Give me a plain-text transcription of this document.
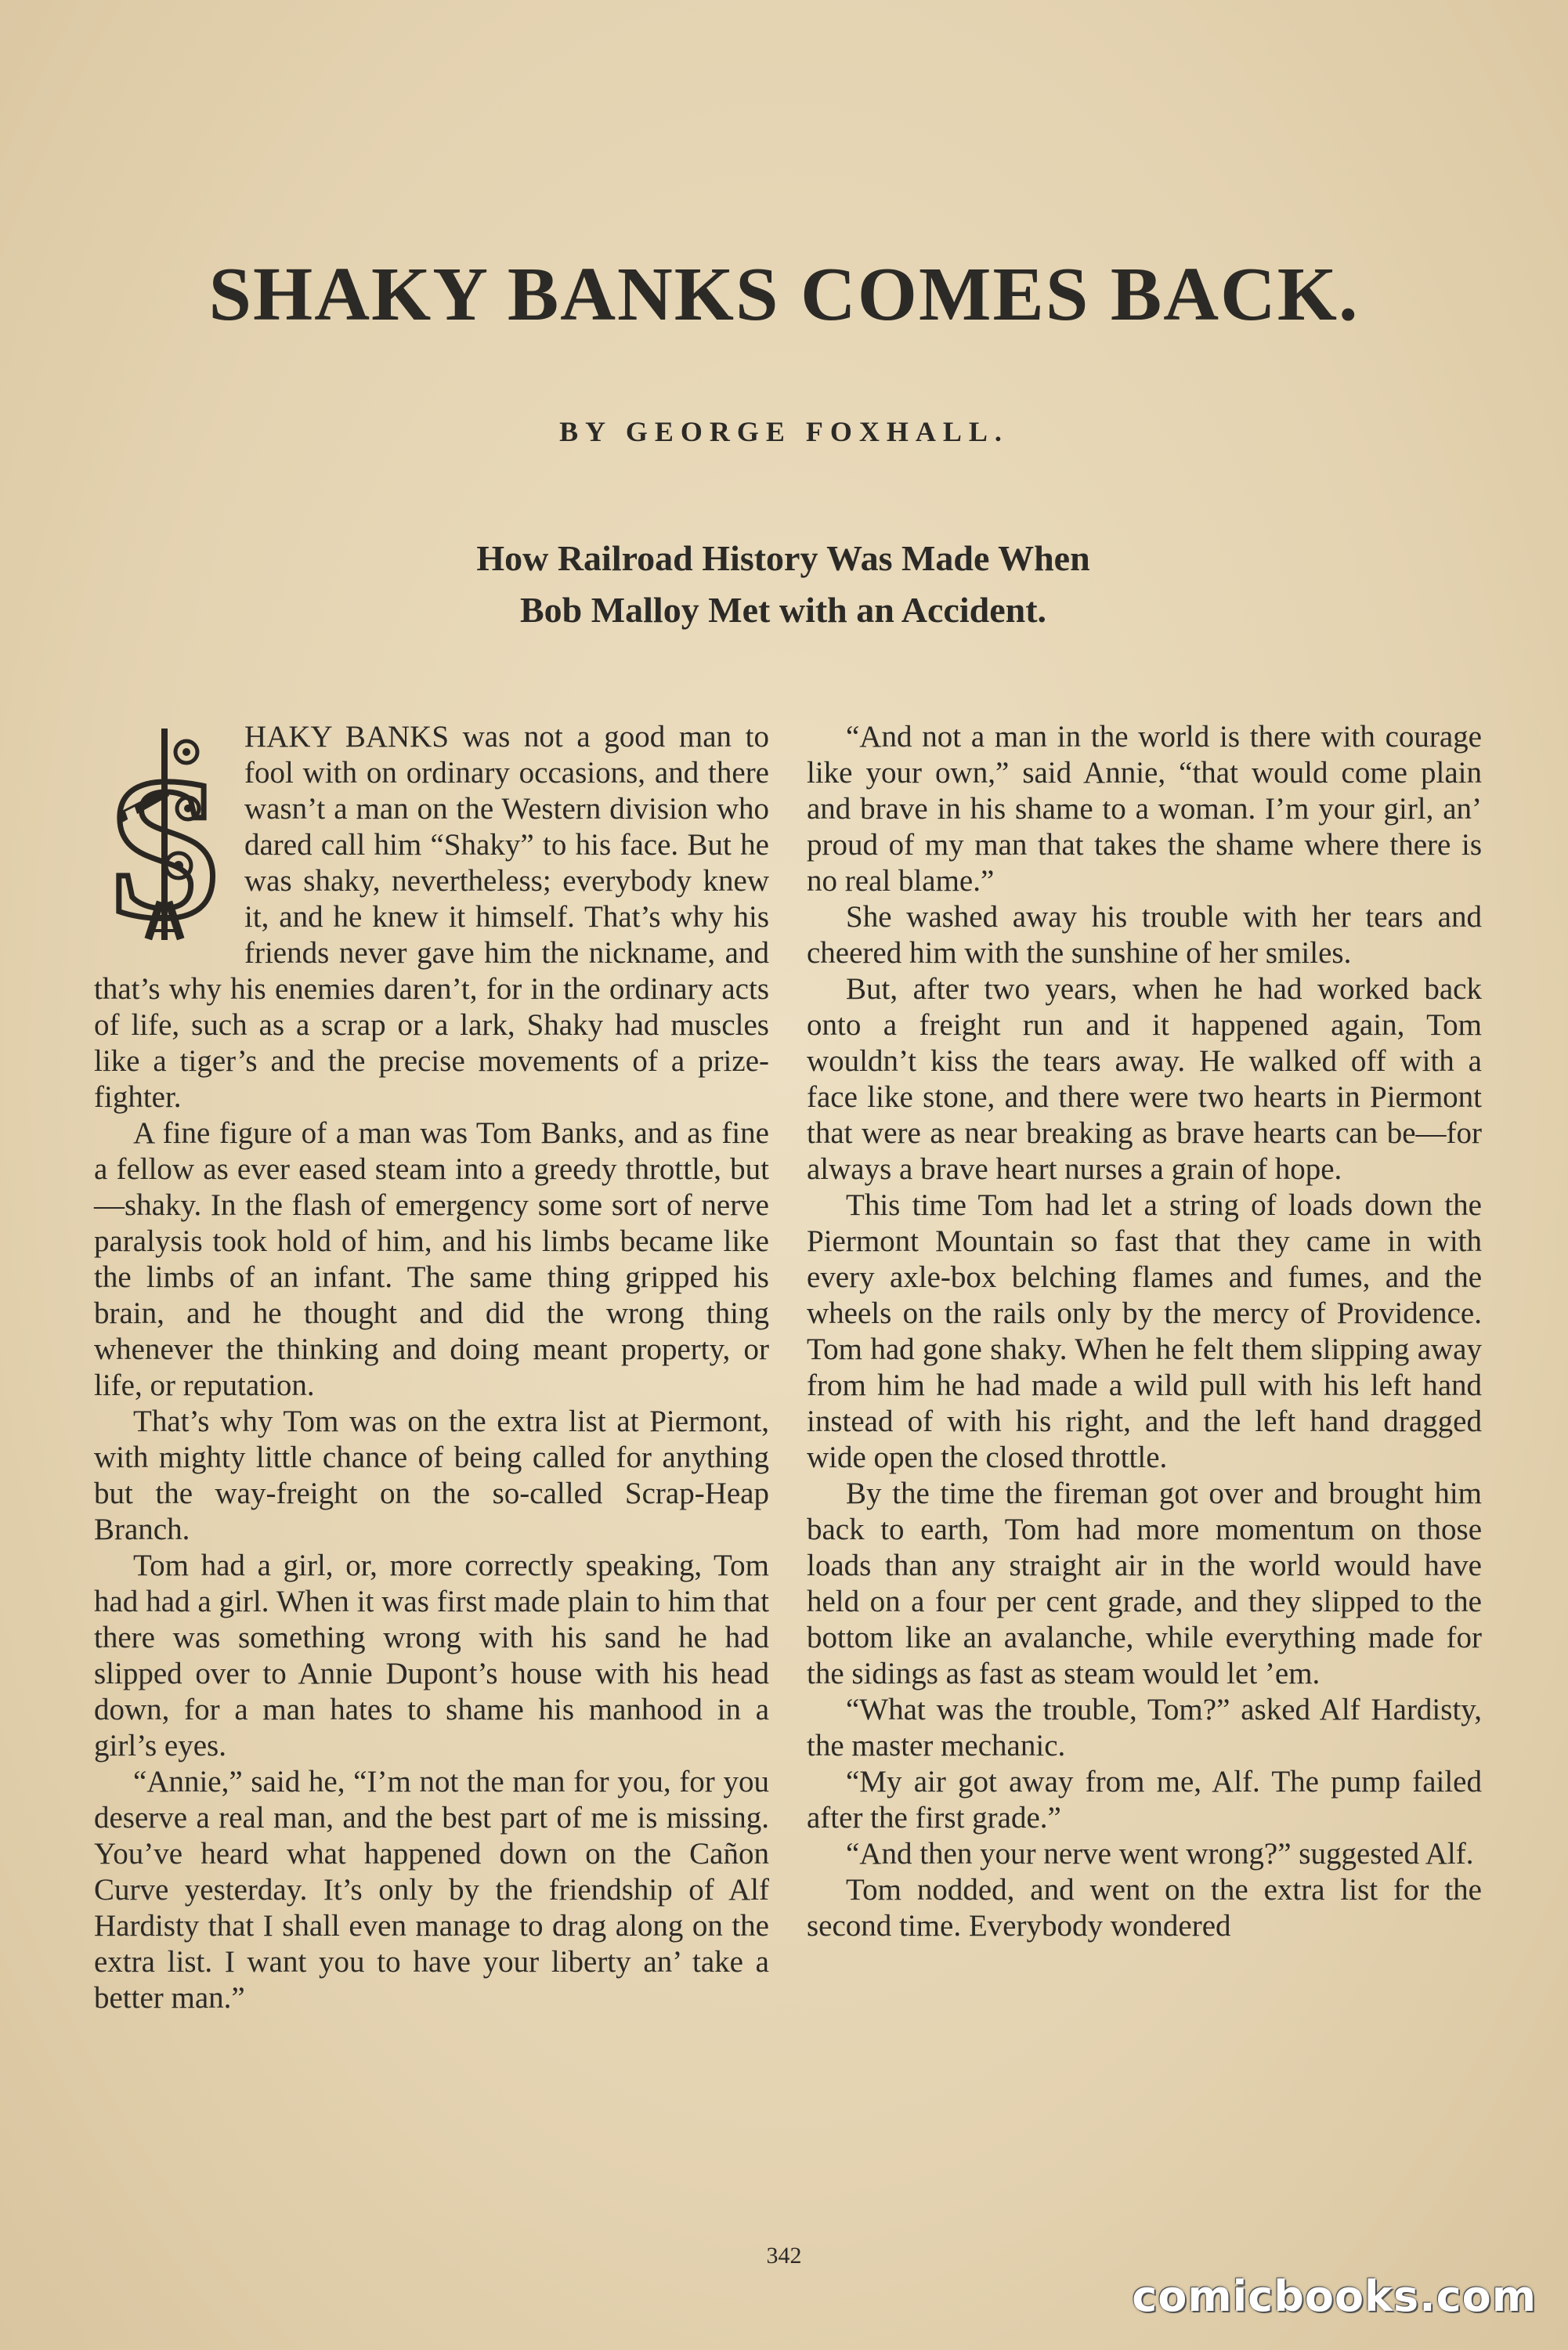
SHAKY BANKS COMES BACK.
BY GEORGE FOXHALL.
How Railroad History Was Made When
Bob Malloy Met with an Accident.
S HAKY BANKS was not a good man to fool with on ordinary occasions, and there wasn’t a man on the Western division who dared call him “Shaky” to his face. But he was shaky, nevertheless; everybody knew it, and he knew it himself. That’s why his friends never gave him the nickname, and that’s why his enemies daren’t, for in the ordinary acts of life, such as a scrap or a lark, Shaky had muscles like a tiger’s and the precise movements of a prize-fighter.

A fine figure of a man was Tom Banks, and as fine a fellow as ever eased steam into a greedy throttle, but—shaky. In the flash of emergency some sort of nerve paralysis took hold of him, and his limbs became like the limbs of an infant. The same thing gripped his brain, and he thought and did the wrong thing whenever the thinking and doing meant property, or life, or reputation.

That’s why Tom was on the extra list at Piermont, with mighty little chance of being called for anything but the way-freight on the so-called Scrap-Heap Branch.

Tom had a girl, or, more correctly speaking, Tom had had a girl. When it was first made plain to him that there was something wrong with his sand he had slipped over to Annie Dupont’s house with his head down, for a man hates to shame his manhood in a girl’s eyes.

“Annie,” said he, “I’m not the man for you, for you deserve a real man, and the best part of me is missing. You’ve heard what happened down on the Cañon Curve yesterday. It’s only by the friendship of Alf Hardisty that I shall even manage to drag along on the extra list. I want you to have your liberty an’ take a better man.”

“And not a man in the world is there with courage like your own,” said Annie, “that would come plain and brave in his shame to a woman. I’m your girl, an’ proud of my man that takes the shame where there is no real blame.”

She washed away his trouble with her tears and cheered him with the sunshine of her smiles.

But, after two years, when he had worked back onto a freight run and it happened again, Tom wouldn’t kiss the tears away. He walked off with a face like stone, and there were two hearts in Piermont that were as near breaking as brave hearts can be—for always a brave heart nurses a grain of hope.

This time Tom had let a string of loads down the Piermont Mountain so fast that they came in with every axle-box belching flames and fumes, and the wheels on the rails only by the mercy of Providence. Tom had gone shaky. When he felt them slipping away from him he had made a wild pull with his left hand instead of with his right, and the left hand dragged wide open the closed throttle.

By the time the fireman got over and brought him back to earth, Tom had more momentum on those loads than any straight air in the world would have held on a four per cent grade, and they slipped to the bottom like an avalanche, while everything made for the sidings as fast as steam would let ’em.

“What was the trouble, Tom?” asked Alf Hardisty, the master mechanic.

“My air got away from me, Alf. The pump failed after the first grade.”

“And then your nerve went wrong?” suggested Alf.

Tom nodded, and went on the extra list for the second time. Everybody wondered

342
comicbooks.com
